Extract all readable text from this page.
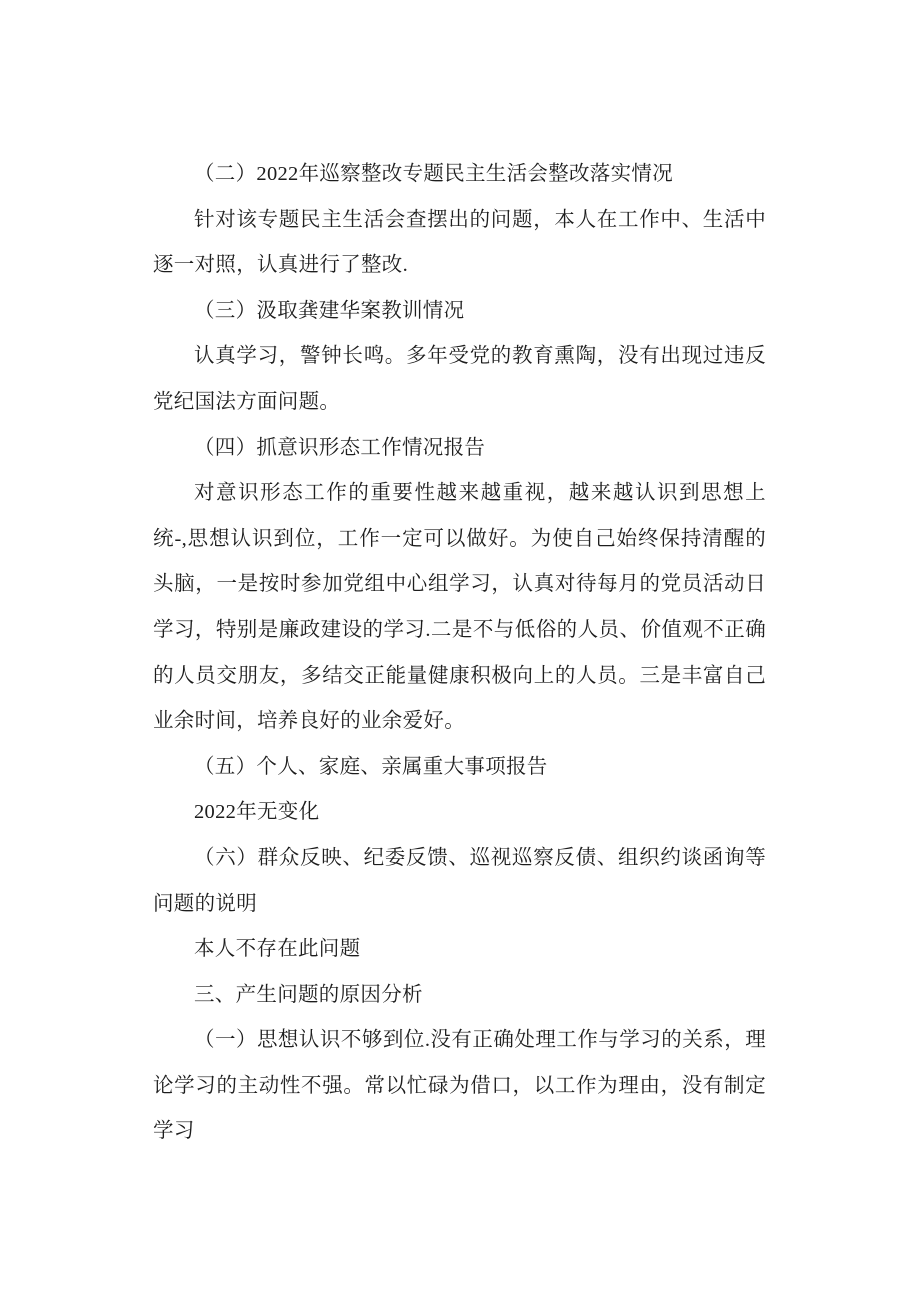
（二）2022年巡察整改专题民主生活会整改落实情况

针对该专题民主生活会查摆出的问题，本人在工作中、生活中逐一对照，认真进行了整改.

（三）汲取龚建华案教训情况

认真学习，警钟长鸣。多年受党的教育熏陶，没有出现过违反党纪国法方面问题。

（四）抓意识形态工作情况报告

对意识形态工作的重要性越来越重视，越来越认识到思想上统-,思想认识到位，工作一定可以做好。为使自己始终保持清醒的头脑，一是按时参加党组中心组学习，认真对待每月的党员活动日学习，特别是廉政建设的学习.二是不与低俗的人员、价值观不正确的人员交朋友，多结交正能量健康积极向上的人员。三是丰富自己业余时间，培养良好的业余爱好。

（五）个人、家庭、亲属重大事项报告

2022年无变化

（六）群众反映、纪委反馈、巡视巡察反债、组织约谈函询等问题的说明

本人不存在此问题

三、产生问题的原因分析

（一）思想认识不够到位.没有正确处理工作与学习的关系，理论学习的主动性不强。常以忙碌为借口，以工作为理由，没有制定学习
